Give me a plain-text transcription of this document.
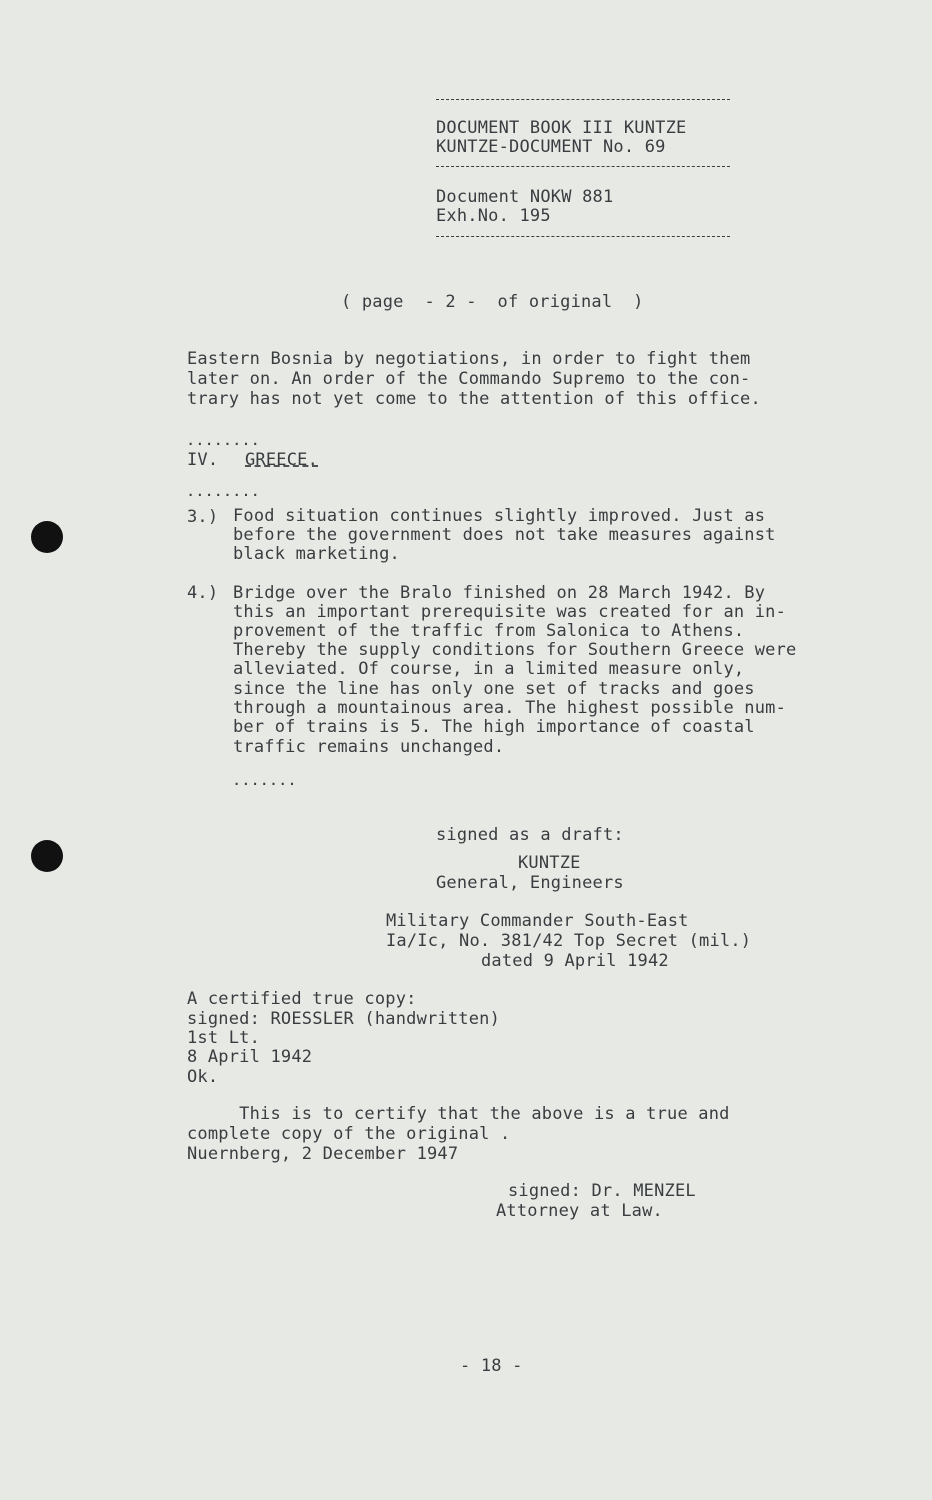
DOCUMENT BOOK III KUNTZE
KUNTZE-DOCUMENT No. 69
Document NOKW 881
Exh.No. 195
( page  - 2 -  of original  )
Eastern Bosnia by negotiations, in order to fight them
later on. An order of the Commando Supremo to the con-
trary has not yet come to the attention of this office.
........
IV. GREECE.
........
3.) Food situation continues slightly improved. Just as
before the government does not take measures against
black marketing.
4.) Bridge over the Bralo finished on 28 March 1942. By
this an important prerequisite was created for an in-
provement of the traffic from Salonica to Athens.
Thereby the supply conditions for Southern Greece were
alleviated. Of course, in a limited measure only,
since the line has only one set of tracks and goes
through a mountainous area. The highest possible num-
ber of trains is 5. The high importance of coastal
traffic remains unchanged.
.......
signed as a draft:
KUNTZE
General, Engineers
Military Commander South-East
Ia/Ic, No. 381/42 Top Secret (mil.)
dated 9 April 1942
A certified true copy:
signed: ROESSLER (handwritten)
1st Lt.
8 April 1942
Ok.
This is to certify that the above is a true and
complete copy of the original .
Nuernberg, 2 December 1947
signed: Dr. MENZEL
Attorney at Law.
- 18 -
